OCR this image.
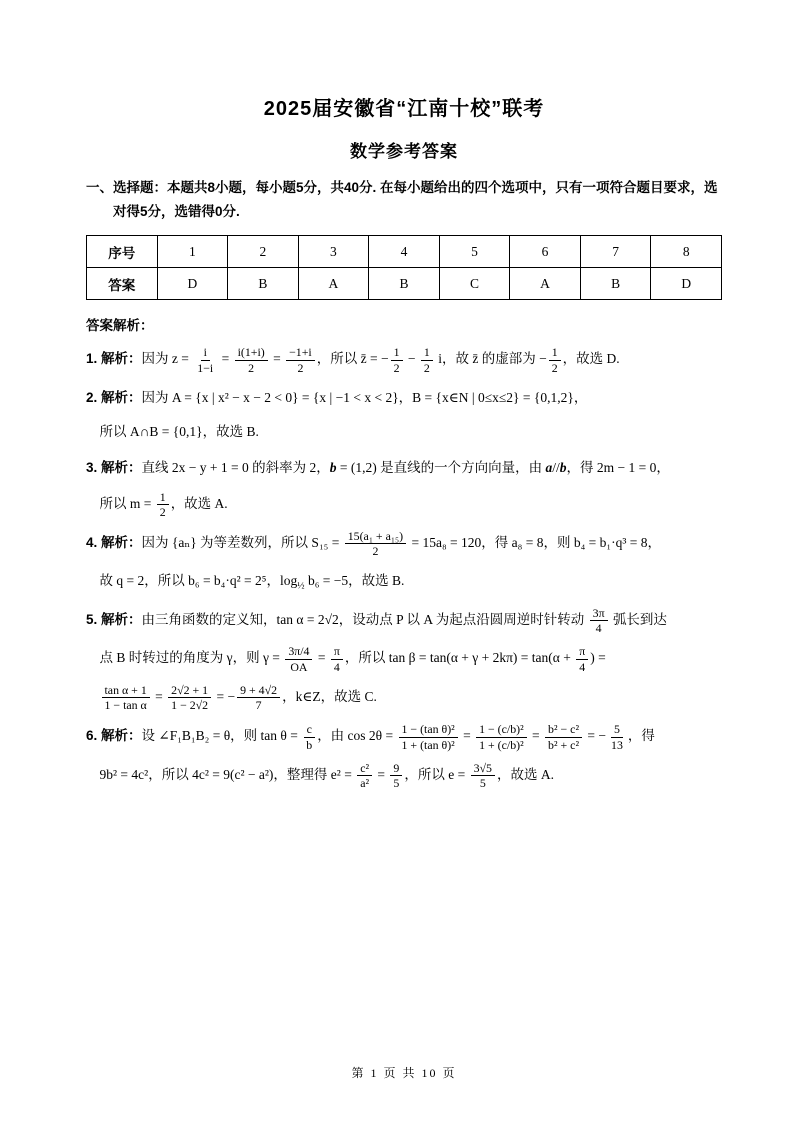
2025届安徽省“江南十校”联考
数学参考答案

一、选择题：本题共8小题，每小题5分，共40分. 在每小题给出的四个选项中，只有一项符合题目要求，选对得5分，选错得0分.

序号	1	2	3	4	5	6	7	8
答案	D	B	A	B	C	A	B	D

答案解析：

1. 解析：因为 $z = \frac{i}{1-i} = \frac{i(1+i)}{2} = \frac{-1+i}{2}$ ，所以 z̄ = − $\frac{1}{2} - \frac{1}{2}$ i，故 z̄ 的虚部为 − $\frac{1}{2}$ ，故选 D.
2. 解析：因为 A = {x | x² − x − 2 < 0} = {x | −1 < x < 2}，B = {x∈N | 0≤x≤2} = {0,1,2}，
所以 A∩B = {0,1}，故选 B.
3. 解析：直线 2x − y + 1 = 0 的斜率为 2，b = (1,2) 是直线的一个方向向量，由 a//b，得 2m − 1 = 0，
所以 $m = \frac{1}{2}$ ，故选 A.
4. 解析：因为 {aₙ} 为等差数列，所以 $S_{15} = \frac{\text{15(a₁ + a₁₅)}}{2} = 15a_8 = 120$，得 a₈ = 8，则 b₄ = b₁·q³ = 8，
故 q = 2，所以 b₆ = b₄·q² = 2⁵，$\log_{\frac{1}{2}} b_6 = -5$，故选 B.
5. 解析：由三角函数的定义知，tan α = 2√2，设动点 P 以 A 为起点沿圆周逆时针转动 $\frac{3\pi}{4}$ 弧长到达
点 B 时转过的角度为 γ，则 $\gamma = \frac{3\pi/4}{OA} = \frac{\pi}{4}$ ，所以 $\tan \beta = \tan(\alpha + \gamma + 2k\pi) = \tan(\alpha + \frac{\pi}{4}$ ) =
$\frac{\text{tan α + 1}}{\text{1 − tan α}} = \frac{2√2 + 1}{1 - 2√2}$ = − $\frac{9 + 4√2}{7}$ ，k∈Z，故选 C.
6. 解析：设 ∠F₁B₁B₂ = θ，则 $\tan \theta = \frac{c}{b}$ ，由 $\cos 2\theta = \frac{\text{1 − (tan θ)²}}{\text{1 + (tan θ)²}} = \frac{\text{1 − (c/b)²}}{\text{1 + (c/b)²}} = \frac{\text{b² − c²}}{\text{b² + c²}}$ = − $\frac{5}{13}$ ，得
9b² = 4c²，所以 4c² = 9(c² − a²)，整理得 $e^2 = \frac{\text{c²}}{\text{a²}} = \frac{9}{5}$ ，所以 $e = \frac{3√5}{5}$ ，故选 A.
第 1 页 共 10 页
